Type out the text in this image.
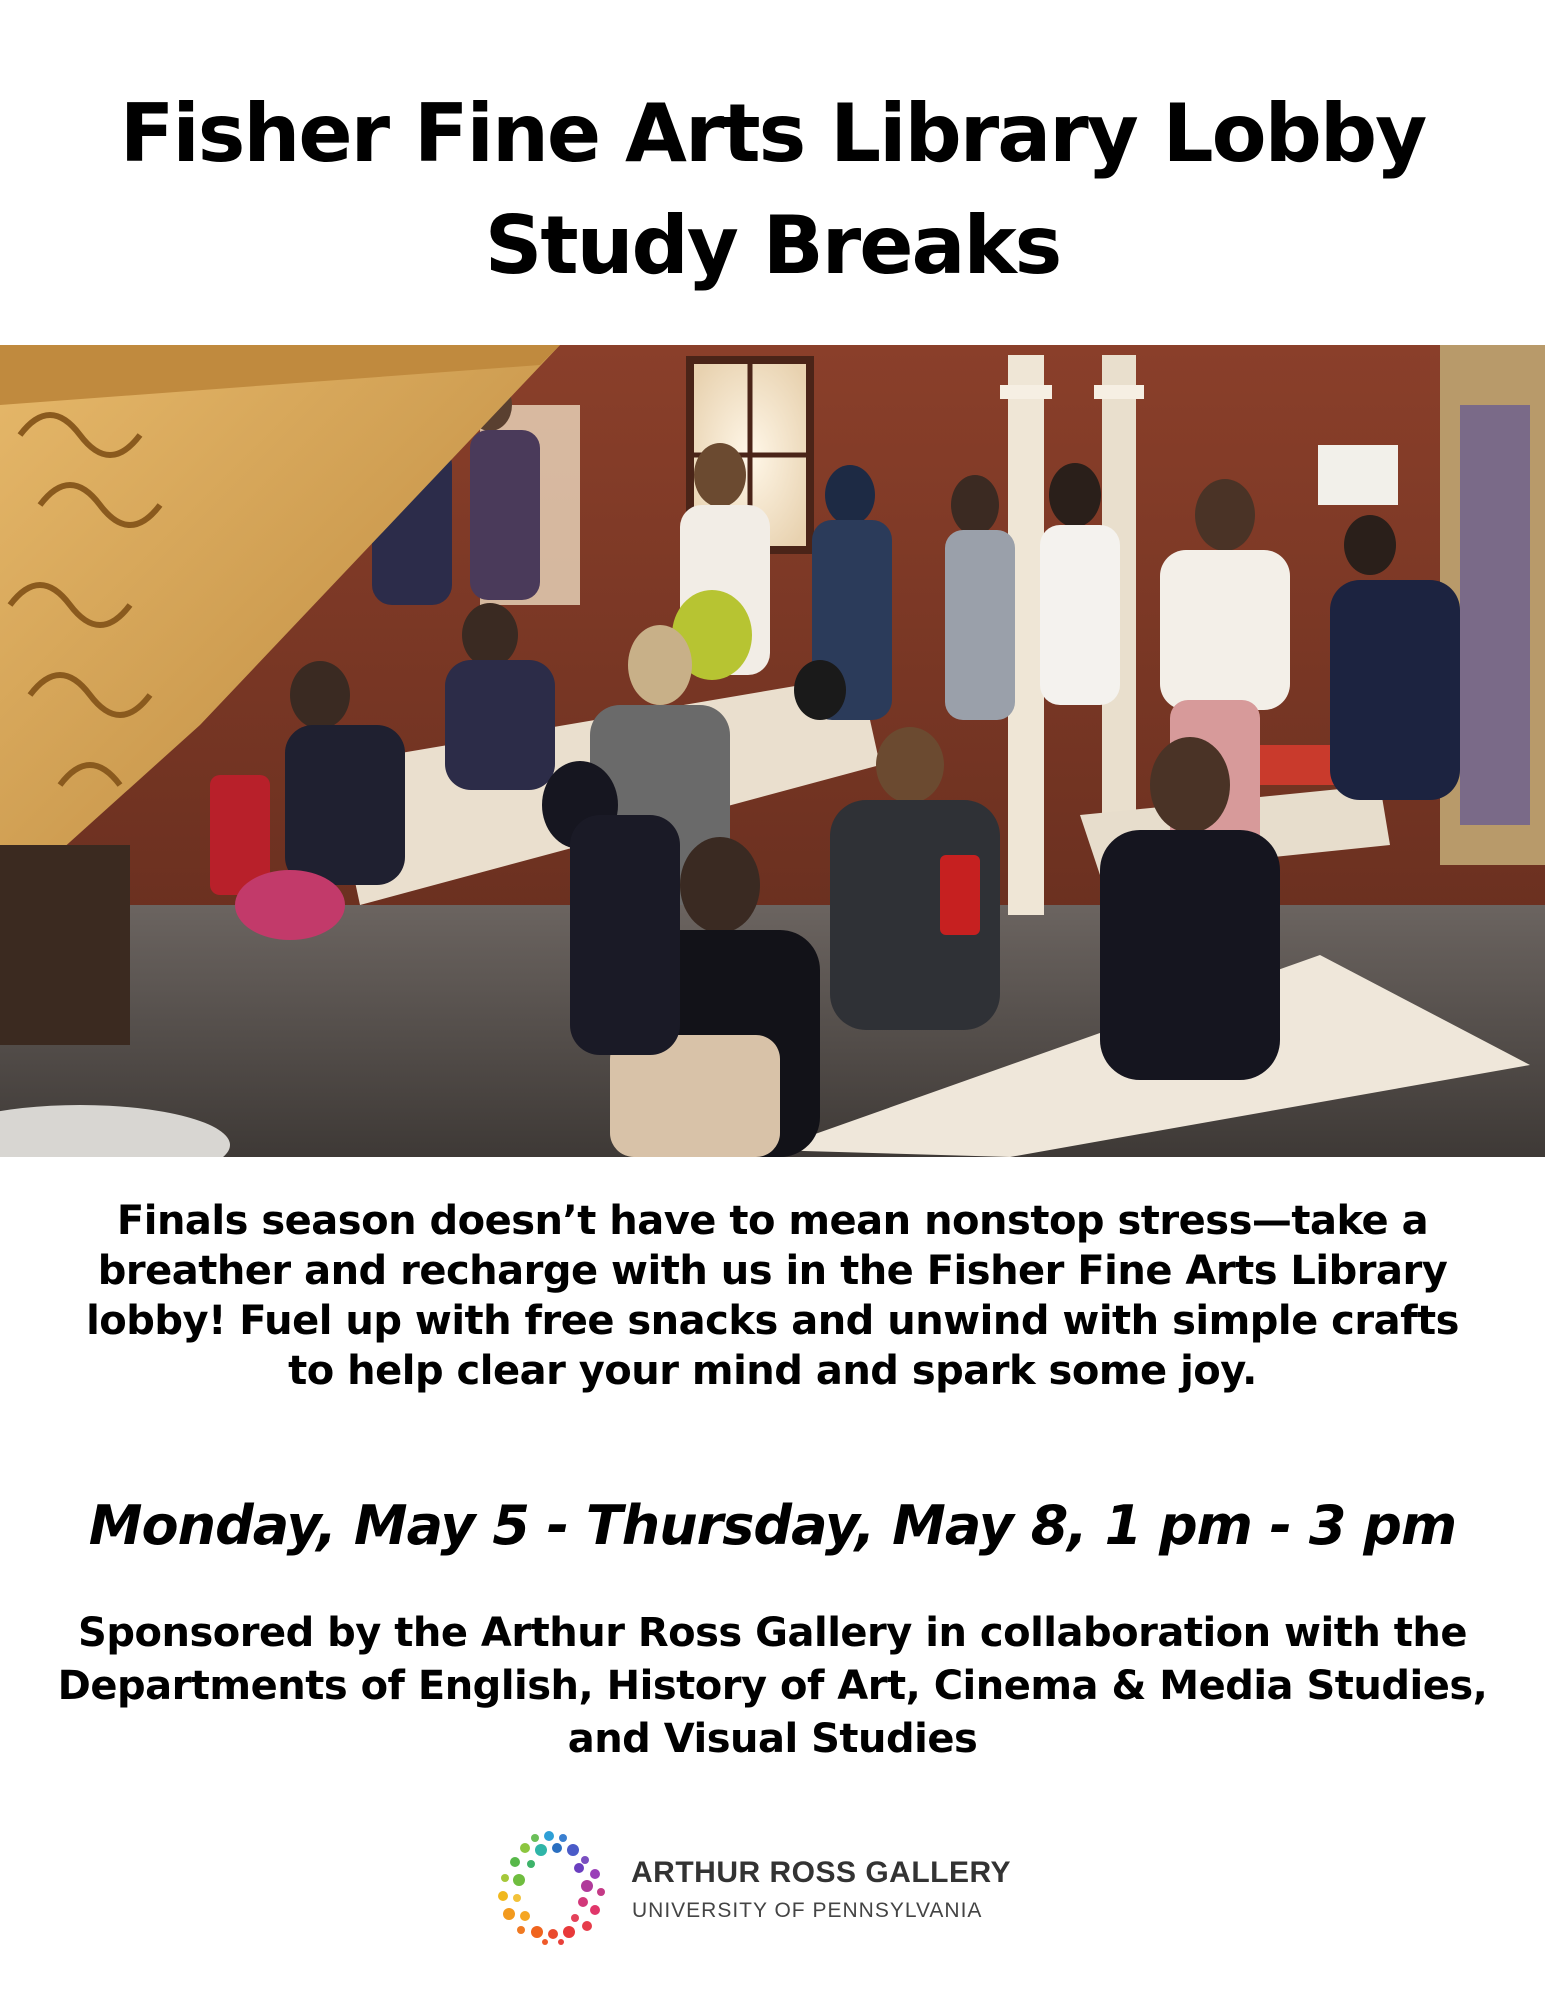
Fisher Fine Arts Library Lobby
Study Breaks
Finals season doesn’t have to mean nonstop stress—take a
breather and recharge with us in the Fisher Fine Arts Library
lobby! Fuel up with free snacks and unwind with simple crafts
to help clear your mind and spark some joy.
Monday, May 5 - Thursday, May 8, 1 pm - 3 pm
Sponsored by the Arthur Ross Gallery in collaboration with the
Departments of English, History of Art, Cinema & Media Studies,
and Visual Studies
ARTHUR ROSS GALLERY
UNIVERSITY OF PENNSYLVANIA
